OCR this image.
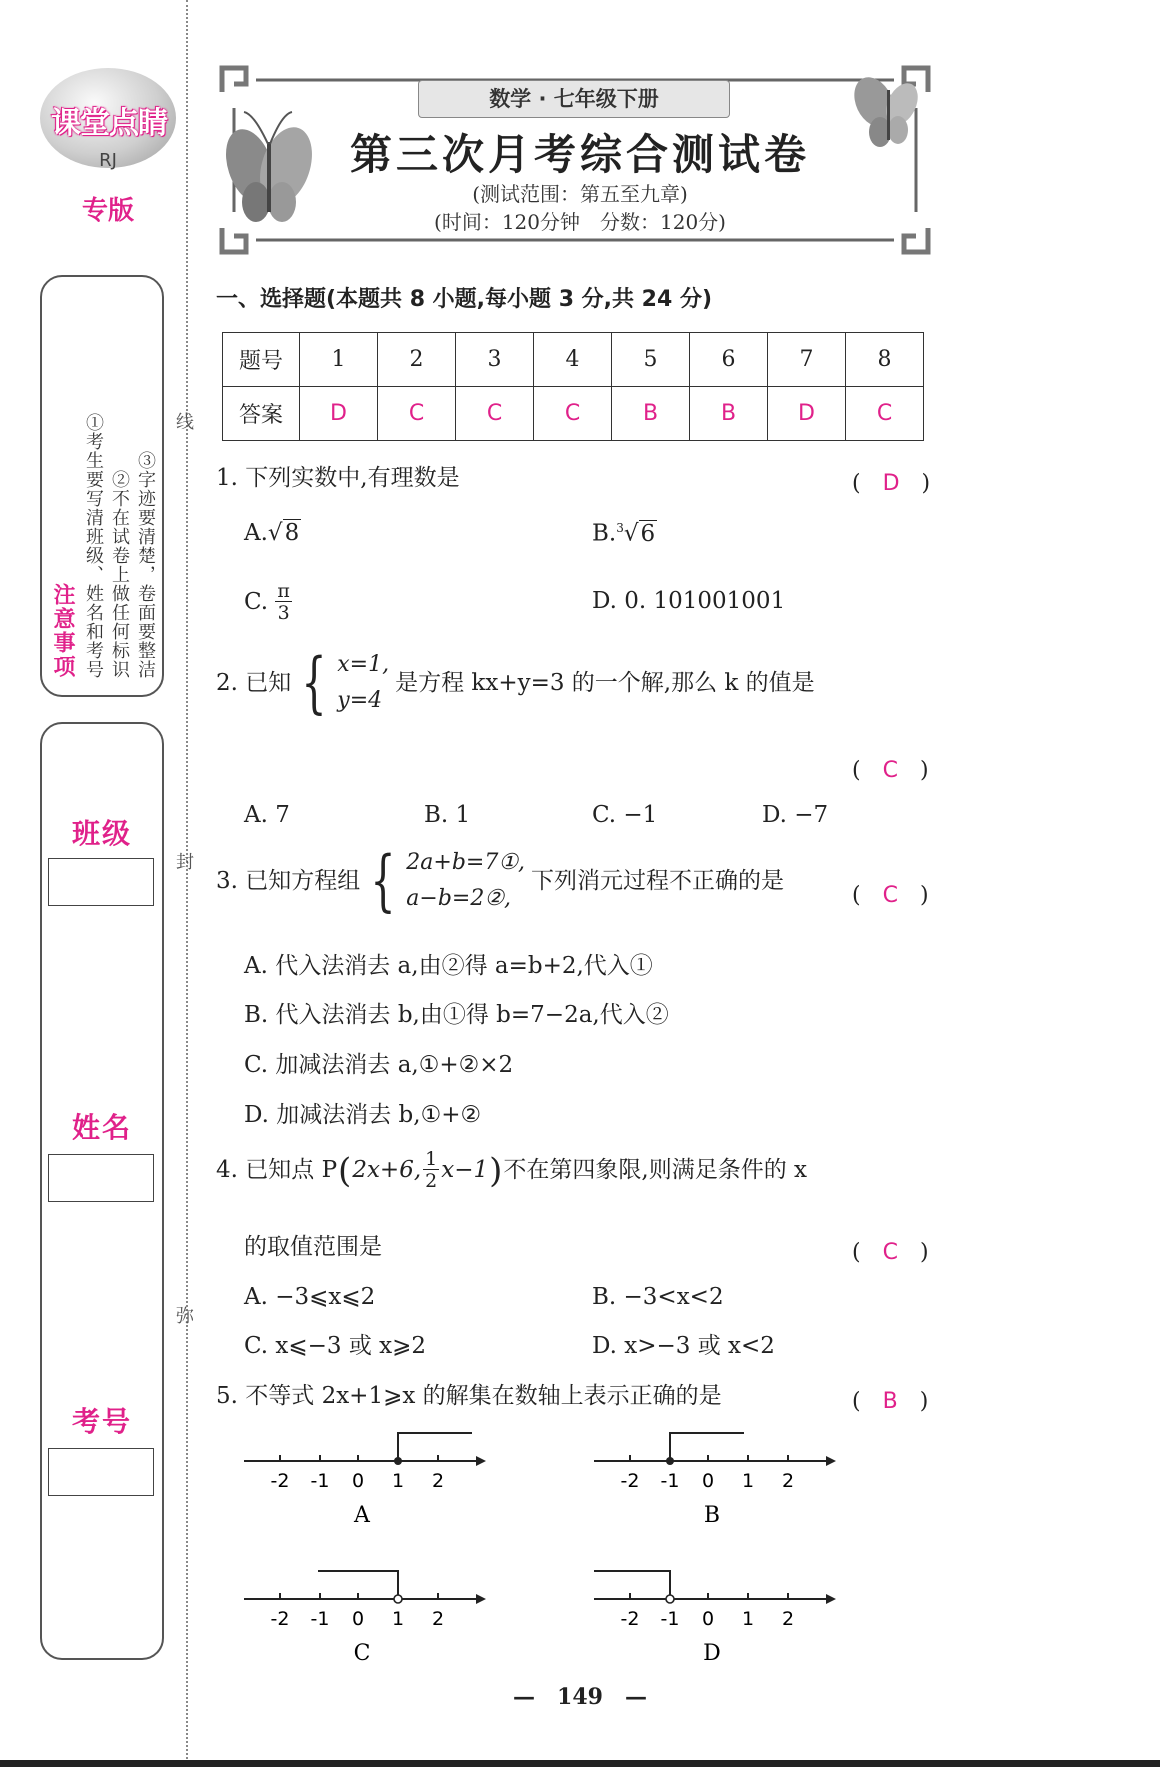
课堂点睛
RJ
专版
注意事项 ①考生要写清班级、姓名和考号 ②不在试卷上做任何标识 ③字迹要清楚，卷面要整洁
班级
姓名
考号
线
封
弥
数学 · 七年级下册
第三次月考综合测试卷
(测试范围：第五至九章)
(时间：120分钟　分数：120分)
一、选择题(本题共 8 小题,每小题 3 分,共 24 分)
题号	1	2	3	4	5	6	7	8
答案	D	C	C	C	B	B	D	C
1. 下列实数中,有理数是	(　D　)
A.√8	B.$^3$√6
C. $\frac{\pi}{3}$	D. 0. 101001001
2. 已知 { x=1,
y=4
是方程 kx+y=3 的一个解,那么 k 的值是
(　C　)
A. 7	B. 1	C. −1	D. −7
3. 已知方程组 { 2a+b=7①,
a−b=2②,
下列消元过程不正确的是
(　C　)
A. 代入法消去 a,由②得 a=b+2,代入①
B. 代入法消去 b,由①得 b=7−2a,代入②
C. 加减法消去 a,①+②×2
D. 加减法消去 b,①+②
4. 已知点 P ( 2x+6, $\frac{1}{2} x-1$ ) 不在第四象限,则满足条件的 x
的取值范围是	(　C　)
A. −3⩽x⩽2	B. −3<x<2
C. x⩽−3 或 x⩾2	D. x>−3 或 x<2
5. 不等式 2x+1⩾x 的解集在数轴上表示正确的是	(　B　)
-2 -1 0 1 2
A
-2 -1 0 1 2
B
-2 -1 0 1 2
C
-2 -1 0 1 2
D
—　149　—
